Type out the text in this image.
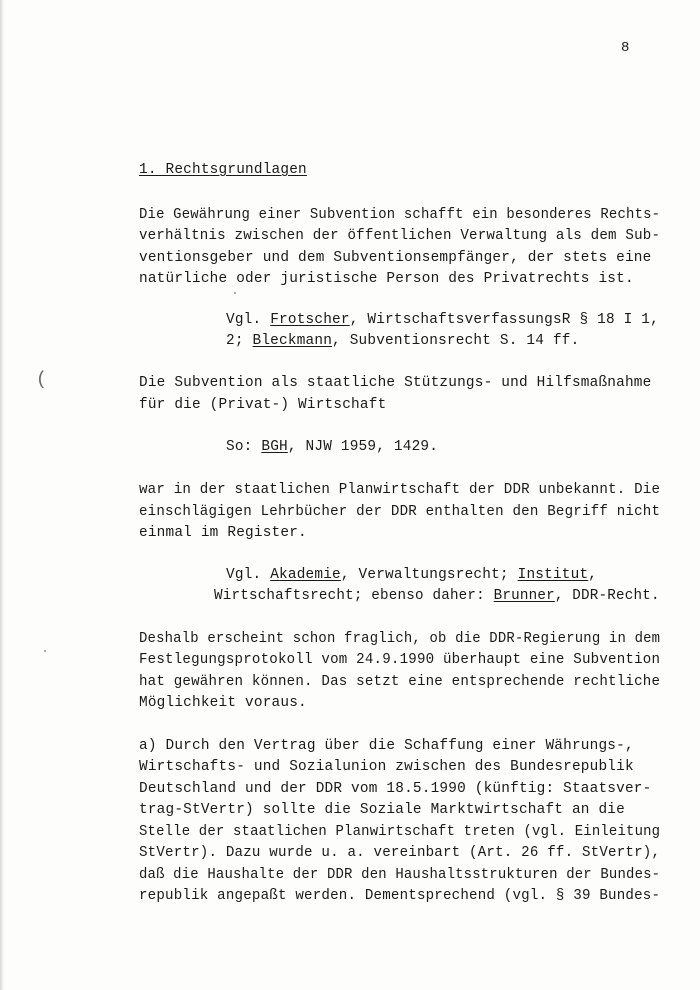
8
1. Rechtsgrundlagen
Die Gewährung einer Subvention schafft ein besonderes Rechts-
verhältnis zwischen der öffentlichen Verwaltung als dem Sub-
ventionsgeber und dem Subventionsempfänger, der stets eine
natürliche oder juristische Person des Privatrechts ist.
Vgl. Frotscher, WirtschaftsverfassungsR § 18 I 1,
2; Bleckmann, Subventionsrecht S. 14 ff.
(	Die Subvention als staatliche Stützungs- und Hilfsmaßnahme
für die (Privat-) Wirtschaft
So: BGH, NJW 1959, 1429.
war in der staatlichen Planwirtschaft der DDR unbekannt. Die
einschlägigen Lehrbücher der DDR enthalten den Begriff nicht
einmal im Register.
Vgl. Akademie, Verwaltungsrecht; Institut,
Wirtschaftsrecht; ebenso daher: Brunner, DDR-Recht.
Deshalb erscheint schon fraglich, ob die DDR-Regierung in dem
Festlegungsprotokoll vom 24.9.1990 überhaupt eine Subvention
hat gewähren können. Das setzt eine entsprechende rechtliche
Möglichkeit voraus.
a) Durch den Vertrag über die Schaffung einer Währungs-,
Wirtschafts- und Sozialunion zwischen des Bundesrepublik
Deutschland und der DDR vom 18.5.1990 (künftig: Staatsver-
trag-StVertr) sollte die Soziale Marktwirtschaft an die
Stelle der staatlichen Planwirtschaft treten (vgl. Einleitung
StVertr). Dazu wurde u. a. vereinbart (Art. 26 ff. StVertr),
daß die Haushalte der DDR den Haushaltsstrukturen der Bundes-
republik angepaßt werden. Dementsprechend (vgl. § 39 Bundes-
